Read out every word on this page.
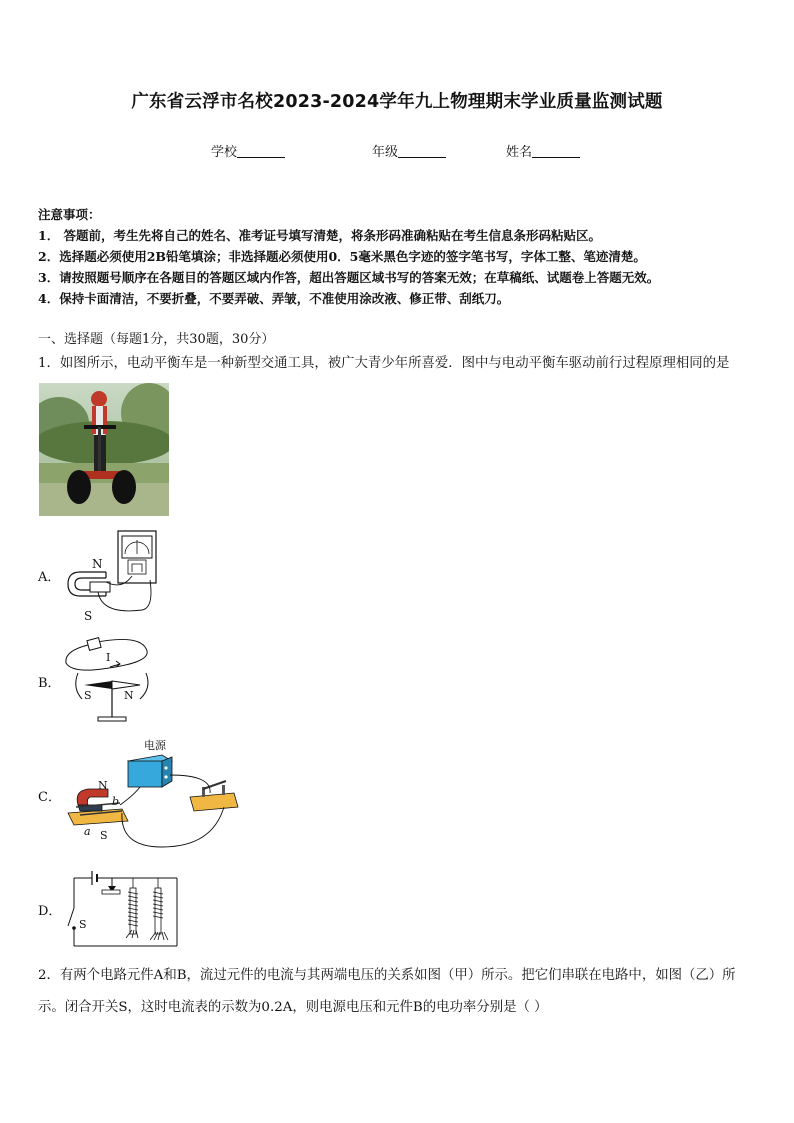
广东省云浮市名校2023-2024学年九上物理期末学业质量监测试题
学校	年级	姓名

注意事项：

1． 答题前，考生先将自己的姓名、准考证号填写清楚，将条形码准确粘贴在考生信息条形码粘贴区。

2．选择题必须使用2B铅笔填涂；非选择题必须使用0．5毫米黑色字迹的签字笔书写，字体工整、笔迹清楚。

3．请按照题号顺序在各题目的答题区域内作答，超出答题区域书写的答案无效；在草稿纸、试题卷上答题无效。

4．保持卡面清洁，不要折叠，不要弄破、弄皱，不准使用涂改液、修正带、刮纸刀。

一、选择题（每题1分，共30题，30分）
1．如图所示，电动平衡车是一种新型交通工具，被广大青少年所喜爱．图中与电动平衡车驱动前行过程原理相同的是
A．
N
S
B．
I
S	N
C．
电源
N
S
a
b
D．
S
2．有两个电路元件A和B，流过元件的电流与其两端电压的关系如图（甲）所示。把它们串联在电路中，如图（乙）所示。闭合开关S，这时电流表的示数为0.2A，则电源电压和元件B的电功率分别是（ ）
